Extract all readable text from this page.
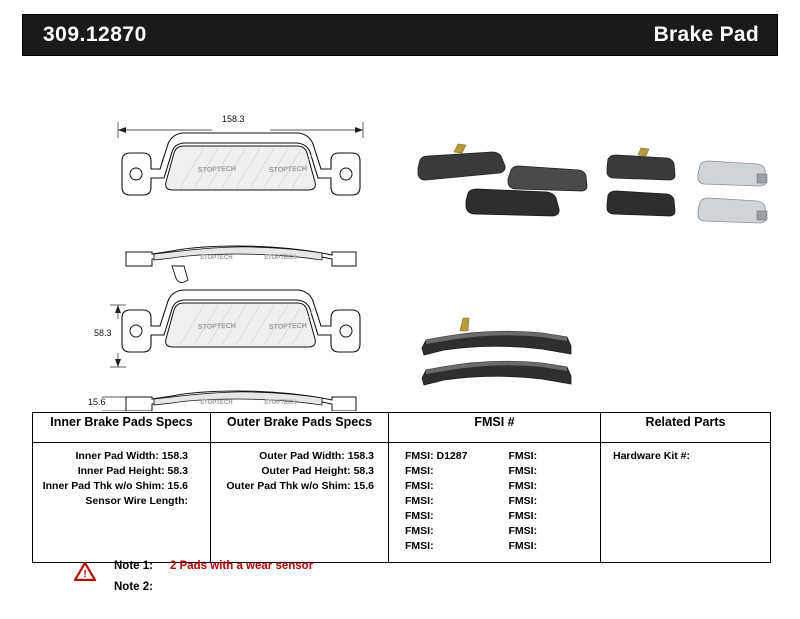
309.12870	Brake Pad
STOPTECH	STOPTECH
STOPTECH	STOPTECH
STOPTECH	STOPTECH
STOPTECH	STOPTECH
158.3
58.3
15.6
Inner Brake Pads Specs	Outer Brake Pads Specs	FMSI #	Related Parts

Inner Pad Width: 158.3
Inner Pad Height: 58.3
Inner Pad Thk w/o Shim: 15.6
Sensor Wire Length:

Outer Pad Width: 158.3
Outer Pad Height: 58.3
Outer Pad Thk w/o Shim: 15.6

FMSI: D1287	FMSI:
FMSI:	FMSI:
FMSI:	FMSI:
FMSI:	FMSI:
FMSI:	FMSI:
FMSI:	FMSI:
FMSI:	FMSI:

Hardware Kit #:
!
Note 1: 2 Pads with a wear sensor
Note 2:
